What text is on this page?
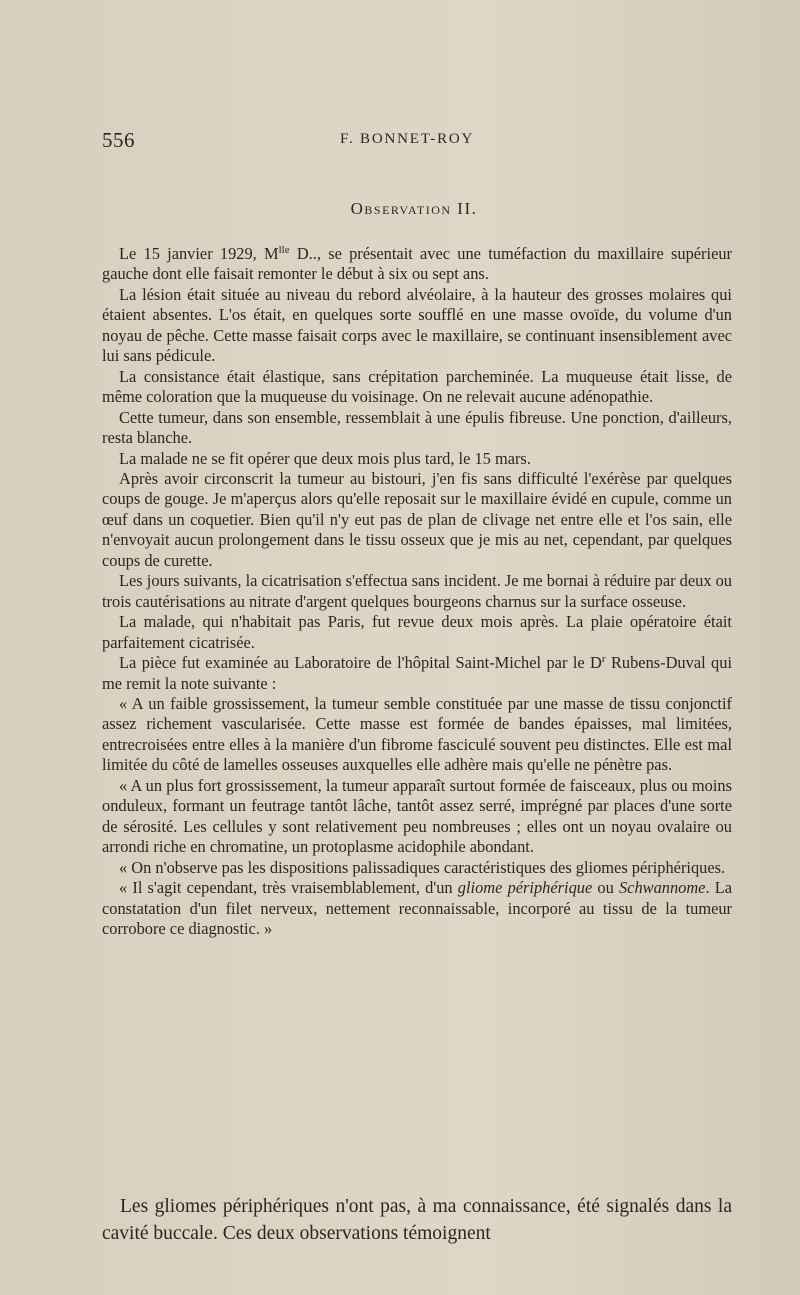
556	F. BONNET-ROY
Observation II.

Le 15 janvier 1929, $M^{lle}$ D.., se présentait avec une tuméfaction du maxillaire supérieur gauche dont elle faisait remonter le début à six ou sept ans.

La lésion était située au niveau du rebord alvéolaire, à la hauteur des grosses molaires qui étaient absentes. L'os était, en quelques sorte soufflé en une masse ovoïde, du volume d'un noyau de pêche. Cette masse faisait corps avec le maxillaire, se continuant insensiblement avec lui sans pédicule.

La consistance était élastique, sans crépitation parcheminée. La muqueuse était lisse, de même coloration que la muqueuse du voisinage. On ne relevait aucune adénopathie.

Cette tumeur, dans son ensemble, ressemblait à une épulis fibreuse. Une ponction, d'ailleurs, resta blanche.

La malade ne se fit opérer que deux mois plus tard, le 15 mars.

Après avoir circonscrit la tumeur au bistouri, j'en fis sans difficulté l'exérèse par quelques coups de gouge. Je m'aperçus alors qu'elle reposait sur le maxillaire évidé en cupule, comme un œuf dans un coquetier. Bien qu'il n'y eut pas de plan de clivage net entre elle et l'os sain, elle n'envoyait aucun prolongement dans le tissu osseux que je mis au net, cependant, par quelques coups de curette.

Les jours suivants, la cicatrisation s'effectua sans incident. Je me bornai à réduire par deux ou trois cautérisations au nitrate d'argent quelques bourgeons charnus sur la surface osseuse.

La malade, qui n'habitait pas Paris, fut revue deux mois après. La plaie opératoire était parfaitement cicatrisée.

La pièce fut examinée au Laboratoire de l'hôpital Saint-Michel par le $D^r$ Rubens-Duval qui me remit la note suivante :

« A un faible grossissement, la tumeur semble constituée par une masse de tissu conjonctif assez richement vascularisée. Cette masse est formée de bandes épaisses, mal limitées, entrecroisées entre elles à la manière d'un fibrome fasciculé souvent peu distinctes. Elle est mal limitée du côté de lamelles osseuses auxquelles elle adhère mais qu'elle ne pénètre pas.

« A un plus fort grossissement, la tumeur apparaît surtout formée de faisceaux, plus ou moins onduleux, formant un feutrage tantôt lâche, tantôt assez serré, imprégné par places d'une sorte de sérosité. Les cellules y sont relativement peu nombreuses ; elles ont un noyau ovalaire ou arrondi riche en chromatine, un protoplasme acidophile abondant.

« On n'observe pas les dispositions palissadiques caractéristiques des gliomes périphériques.

« Il s'agit cependant, très vraisemblablement, d'un gliome périphérique ou Schwannome. La constatation d'un filet nerveux, nettement reconnaissable, incorporé au tissu de la tumeur corrobore ce diagnostic. »

Les gliomes périphériques n'ont pas, à ma connaissance, été signalés dans la cavité buccale. Ces deux observations témoignent
